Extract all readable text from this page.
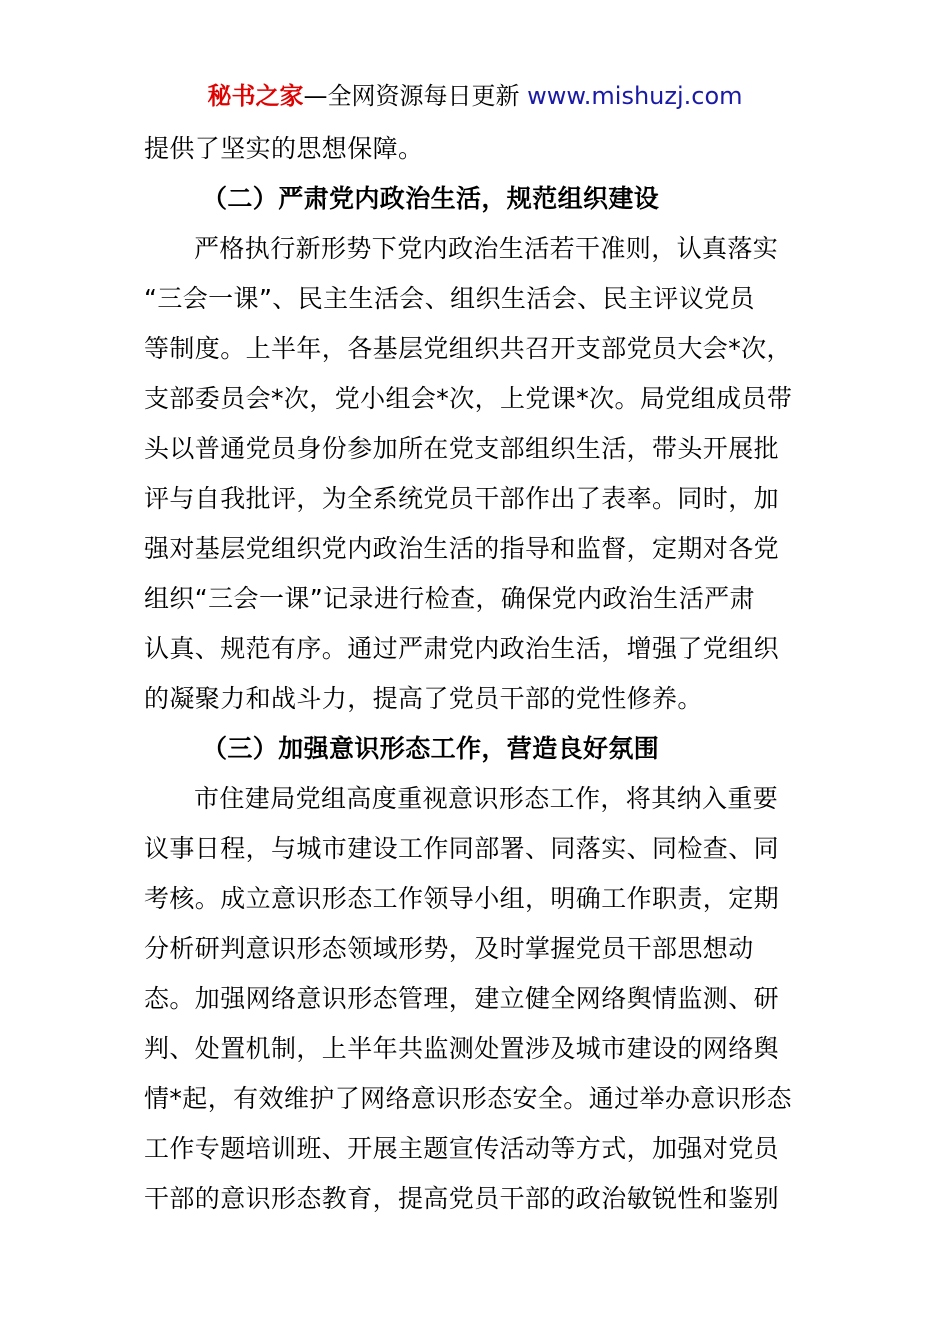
秘书之家—全网资源每日更新 www.mishuzj.com
提供了坚实的思想保障。
（二）严肃党内政治生活，规范组织建设
严格执行新形势下党内政治生活若干准则，认真落实
“三会一课”、民主生活会、组织生活会、民主评议党员
等制度。上半年，各基层党组织共召开支部党员大会*次，
支部委员会*次，党小组会*次，上党课*次。局党组成员带
头以普通党员身份参加所在党支部组织生活，带头开展批
评与自我批评，为全系统党员干部作出了表率。同时，加
强对基层党组织党内政治生活的指导和监督，定期对各党
组织“三会一课”记录进行检查，确保党内政治生活严肃
认真、规范有序。通过严肃党内政治生活，增强了党组织
的凝聚力和战斗力，提高了党员干部的党性修养。
（三）加强意识形态工作，营造良好氛围
市住建局党组高度重视意识形态工作，将其纳入重要
议事日程，与城市建设工作同部署、同落实、同检查、同
考核。成立意识形态工作领导小组，明确工作职责，定期
分析研判意识形态领域形势，及时掌握党员干部思想动
态。加强网络意识形态管理，建立健全网络舆情监测、研
判、处置机制，上半年共监测处置涉及城市建设的网络舆
情*起，有效维护了网络意识形态安全。通过举办意识形态
工作专题培训班、开展主题宣传活动等方式，加强对党员
干部的意识形态教育，提高党员干部的政治敏锐性和鉴别
